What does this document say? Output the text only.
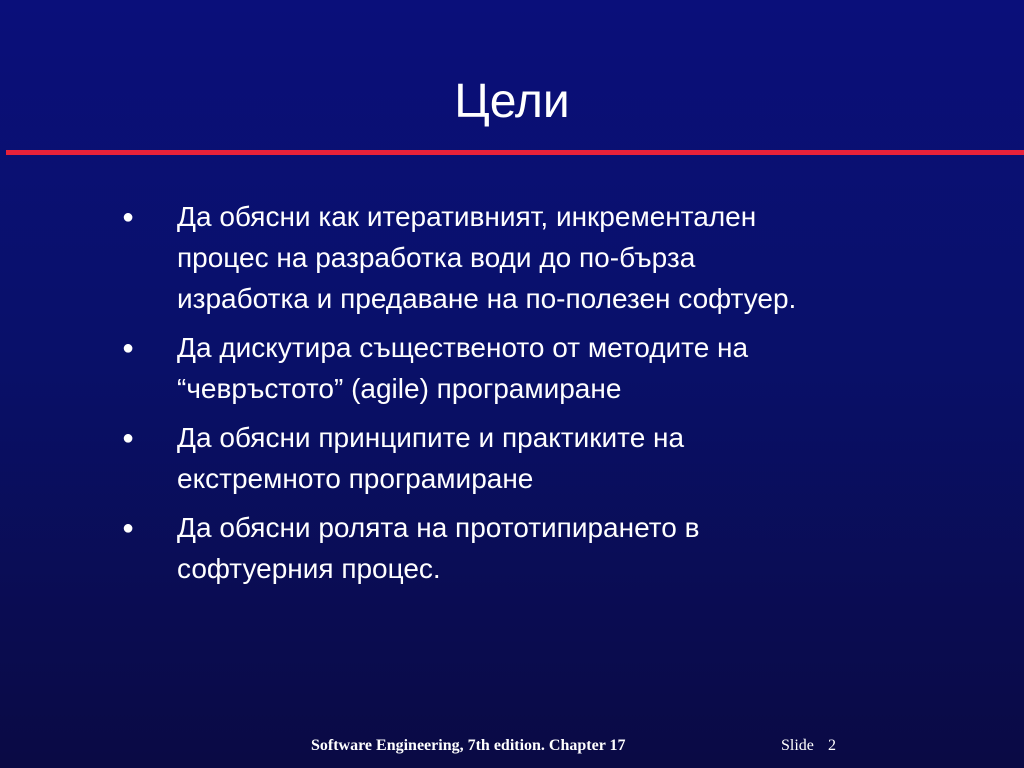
Цели
●	Да обясни как итеративният, инкрементален
процес на разработка води до по-бърза
изработка и предаване на по-полезен софтуер.
●	Да дискутира същественото от методите на
“чевръстото” (agile) програмиране
●	Да обясни принципите и практиките на
екстремното програмиране
●	Да обясни ролята на прототипирането в
софтуерния процес.
Software Engineering, 7th edition. Chapter 17	Slide 2
